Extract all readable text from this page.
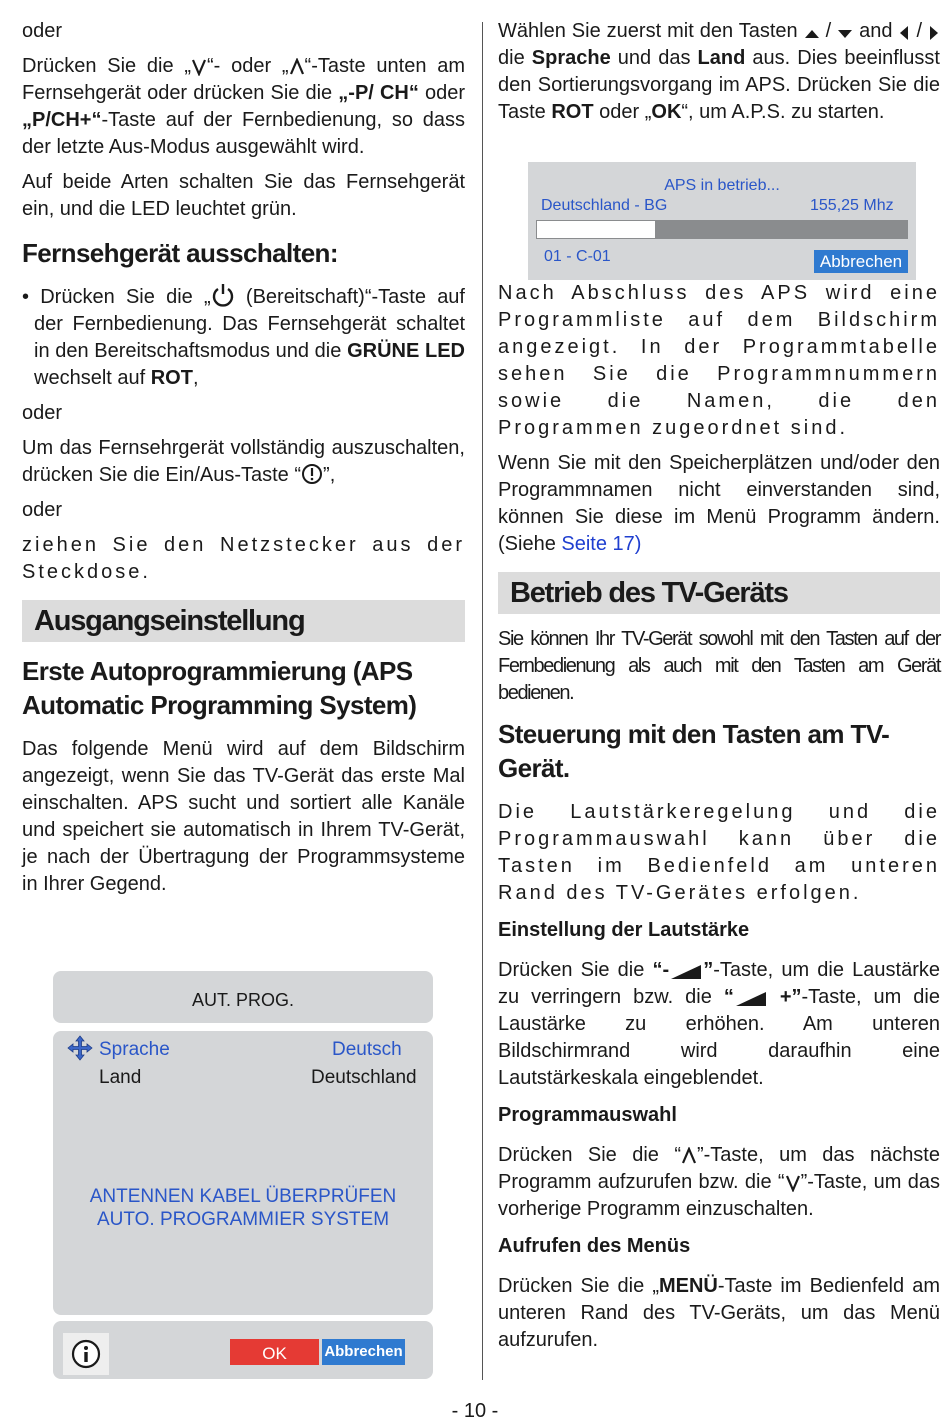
oder

Drücken Sie die „ “- oder „ “-Taste unten am Fernsehgerät oder drücken Sie die „-P/ CH“ oder „P/CH+“-Taste auf der Fernbedienung, so dass der letzte Aus-Modus ausgewählt wird.

Auf beide Arten schalten Sie das Fernsehgerät ein, und die LED leuchtet grün.

Fernsehgerät ausschalten:

• Drücken Sie die „ (Bereitschaft)“-Taste auf der Fernbedienung. Das Fernsehgerät schaltet in den Bereitschaftsmodus und die GRÜNE LED wechselt auf ROT,

oder

Um das Fernsehrgerät vollständig auszuschalten, drücken Sie die Ein/Aus-Taste “ ”,

oder

ziehen Sie den Netzstecker aus der Steckdose.

Ausgangseinstellung
Erste Autoprogrammierung (APS Automatic Programming System)

Das folgende Menü wird auf dem Bildschirm angezeigt, wenn Sie das TV-Gerät das erste Mal einschalten. APS sucht und sortiert alle Kanäle und speichert sie automatisch in Ihrem TV-Gerät, je nach der Übertragung der Programmsysteme in Ihrer Gegend.

AUT. PROG.
Sprache	Deutsch
Land	Deutschland
ANTENNEN KABEL ÜBERPRÜFEN
AUTO. PROGRAMMIER SYSTEM
OK	Abbrechen

Wählen Sie zuerst mit den Tasten  /  and  /  die Sprache und das Land aus. Dies beeinflusst den Sortierungsvorgang im APS. Drücken Sie die Taste ROT oder „OK“, um A.P.S. zu starten.

Nach Abschluss des APS wird eine Programmliste auf dem Bildschirm angezeigt. In der Programmtabelle sehen Sie die Programmnummern sowie die Namen, die den Programmen zugeordnet sind.

Wenn Sie mit den Speicherplätzen und/oder den Programmnamen nicht einverstanden sind, können Sie diese im Menü Programm ändern. (Siehe Seite 17)

Betrieb des TV-Geräts

Sie können Ihr TV-Gerät sowohl mit den Tasten auf der Fernbedienung als auch mit den Tasten am Gerät bedienen.

Steuerung mit den Tasten am TV-Gerät.

Die Lautstärkeregelung und die Programmauswahl kann über die Tasten im Bedienfeld am unteren Rand des TV-Gerätes erfolgen.

Einstellung der Lautstärke

Drücken Sie die “- ”-Taste, um die Laustärke zu verringern bzw. die “ +”-Taste, um die Laustärke zu erhöhen. Am unteren Bildschirmrand wird daraufhin eine Lautstärkeskala eingeblendet.

Programmauswahl

Drücken Sie die “ ”-Taste, um das nächste Programm aufzurufen bzw. die “ ”-Taste, um das vorherige Programm einzuschalten.

Aufrufen des Menüs

Drücken Sie die „MENÜ-Taste im Bedienfeld am unteren Rand des TV-Geräts, um das Menü aufzurufen.

APS in betrieb...
Deutschland - BG	155,25 Mhz
01 - C-01	Abbrechen
- 10 -
